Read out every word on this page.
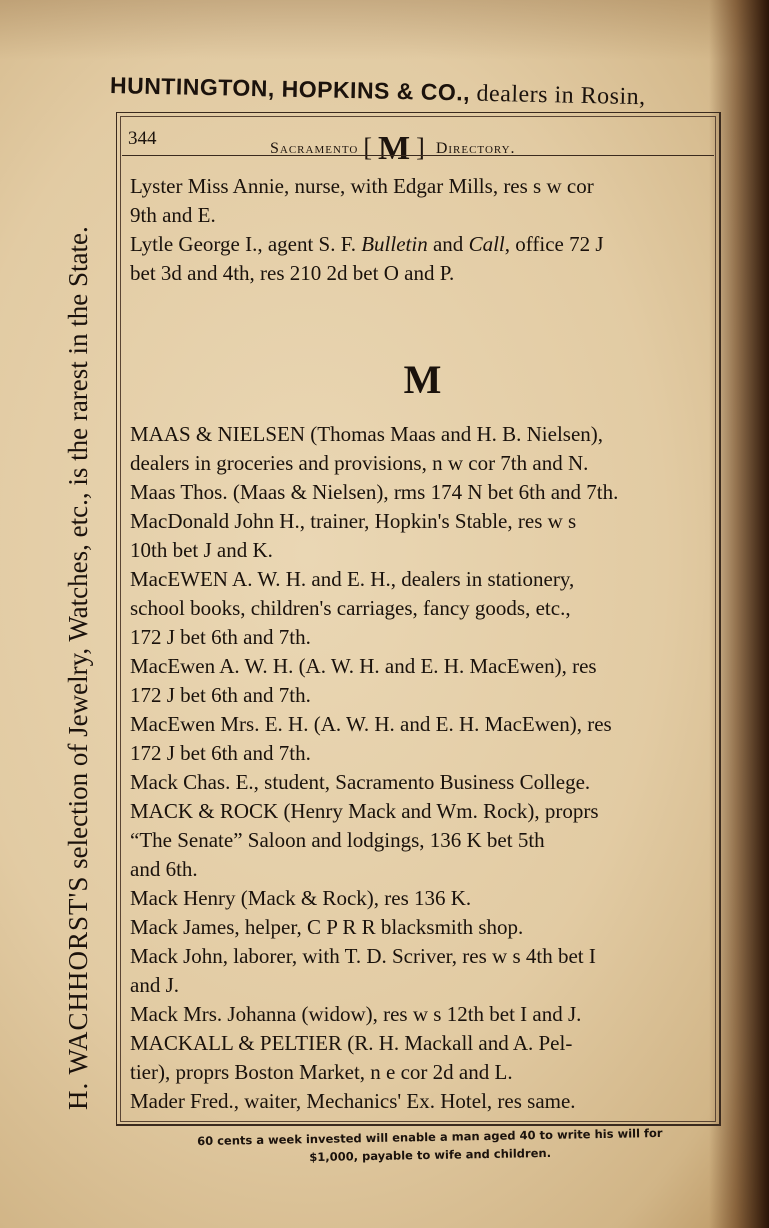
HUNTINGTON, HOPKINS & CO., dealers in Rosin,
H. WACHHORST'S selection of Jewelry, Watches, etc., is the rarest in the State.
344	Sacramento [ M ] Directory.

Lyster Miss Annie, nurse, with Edgar Mills, res s w cor
9th and E.

Lytle George I., agent S. F. Bulletin and Call, office 72 J
bet 3d and 4th, res 210 2d bet O and P.

M

MAAS & NIELSEN (Thomas Maas and H. B. Nielsen),
dealers in groceries and provisions, n w cor 7th and N.

Maas Thos. (Maas & Nielsen), rms 174 N bet 6th and 7th.

MacDonald John H., trainer, Hopkin's Stable, res w s
10th bet J and K.

MacEWEN A. W. H. and E. H., dealers in stationery,
school books, children's carriages, fancy goods, etc.,
172 J bet 6th and 7th.

MacEwen A. W. H. (A. W. H. and E. H. MacEwen), res
172 J bet 6th and 7th.

MacEwen Mrs. E. H. (A. W. H. and E. H. MacEwen), res
172 J bet 6th and 7th.

Mack Chas. E., student, Sacramento Business College.

MACK & ROCK (Henry Mack and Wm. Rock), proprs
“The Senate” Saloon and lodgings, 136 K bet 5th
and 6th.

Mack Henry (Mack & Rock), res 136 K.

Mack James, helper, C P R R blacksmith shop.

Mack John, laborer, with T. D. Scriver, res w s 4th bet I
and J.

Mack Mrs. Johanna (widow), res w s 12th bet I and J.

MACKALL & PELTIER (R. H. Mackall and A. Pel-
tier), proprs Boston Market, n e cor 2d and L.

Mader Fred., waiter, Mechanics' Ex. Hotel, res same.

60 cents a week invested will enable a man aged 40 to write his will for
$1,000, payable to wife and children.
